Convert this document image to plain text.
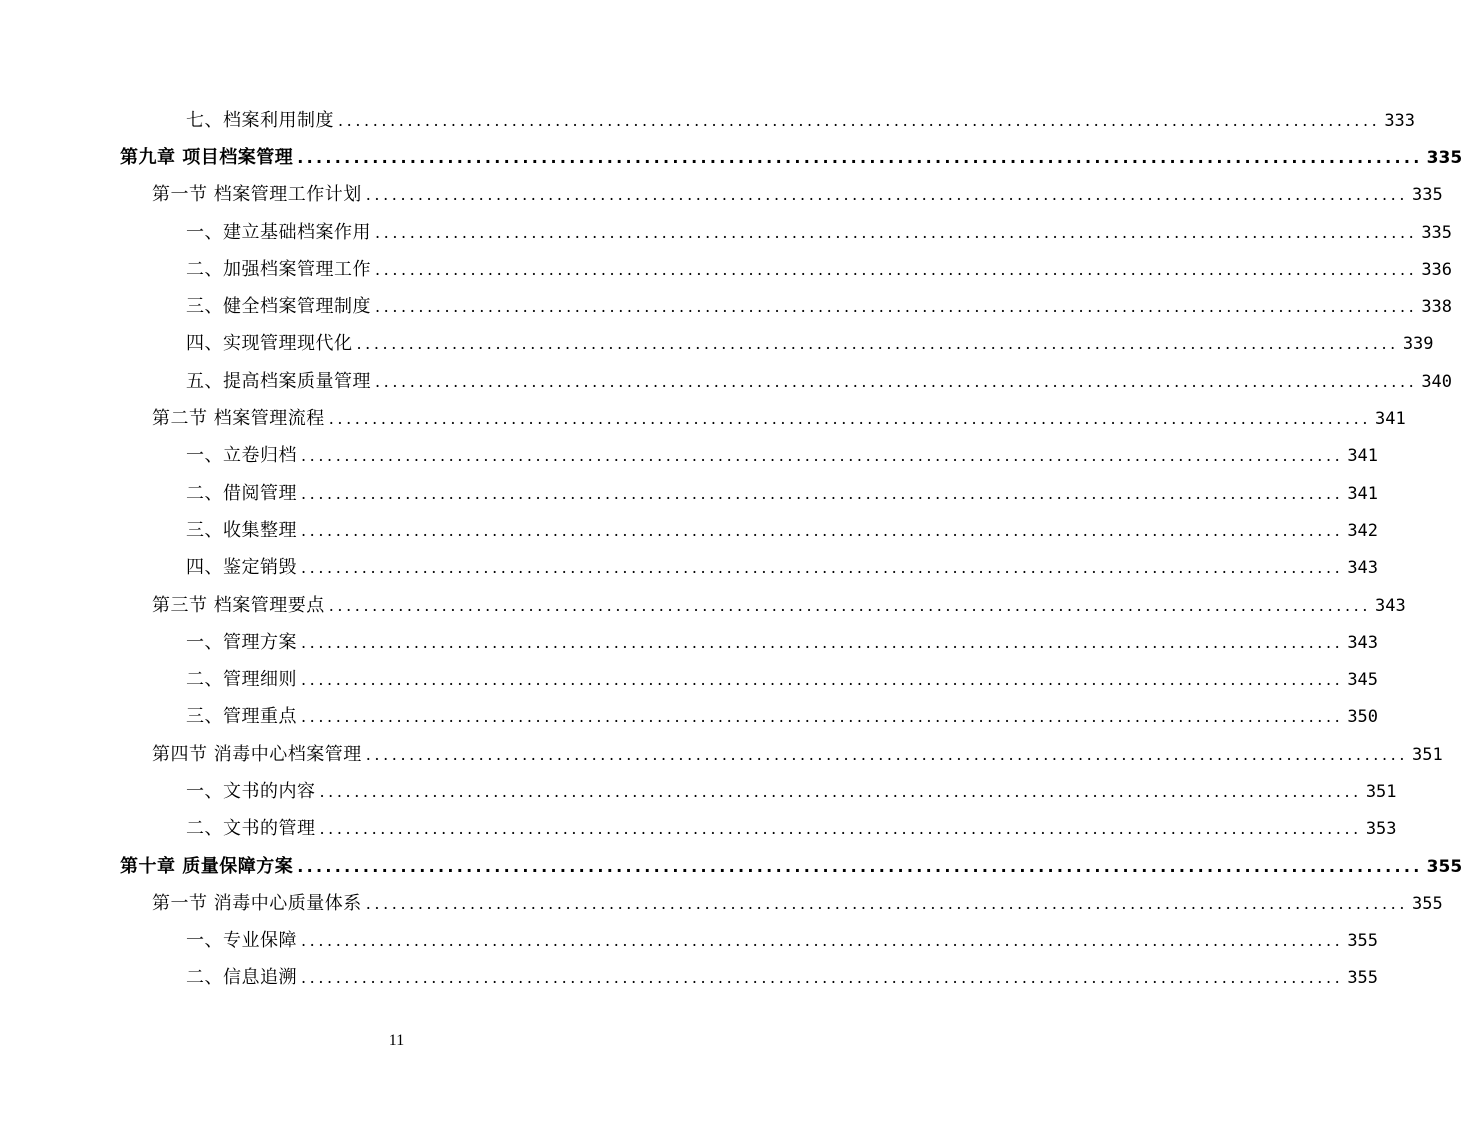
七、档案利用制度 ........................................................................................................................ 333
第九章 项目档案管理 ........................................................................................................................ 335
第一节 档案管理工作计划 ........................................................................................................................ 335
一、建立基础档案作用 ........................................................................................................................ 335
二、加强档案管理工作 ........................................................................................................................ 336
三、健全档案管理制度 ........................................................................................................................ 338
四、实现管理现代化 ........................................................................................................................ 339
五、提高档案质量管理 ........................................................................................................................ 340
第二节 档案管理流程 ........................................................................................................................ 341
一、立卷归档 ........................................................................................................................ 341
二、借阅管理 ........................................................................................................................ 341
三、收集整理 ........................................................................................................................ 342
四、鉴定销毁 ........................................................................................................................ 343
第三节 档案管理要点 ........................................................................................................................ 343
一、管理方案 ........................................................................................................................ 343
二、管理细则 ........................................................................................................................ 345
三、管理重点 ........................................................................................................................ 350
第四节 消毒中心档案管理 ........................................................................................................................ 351
一、文书的内容 ........................................................................................................................ 351
二、文书的管理 ........................................................................................................................ 353
第十章 质量保障方案 ........................................................................................................................ 355
第一节 消毒中心质量体系 ........................................................................................................................ 355
一、专业保障 ........................................................................................................................ 355
二、信息追溯 ........................................................................................................................ 355
11
